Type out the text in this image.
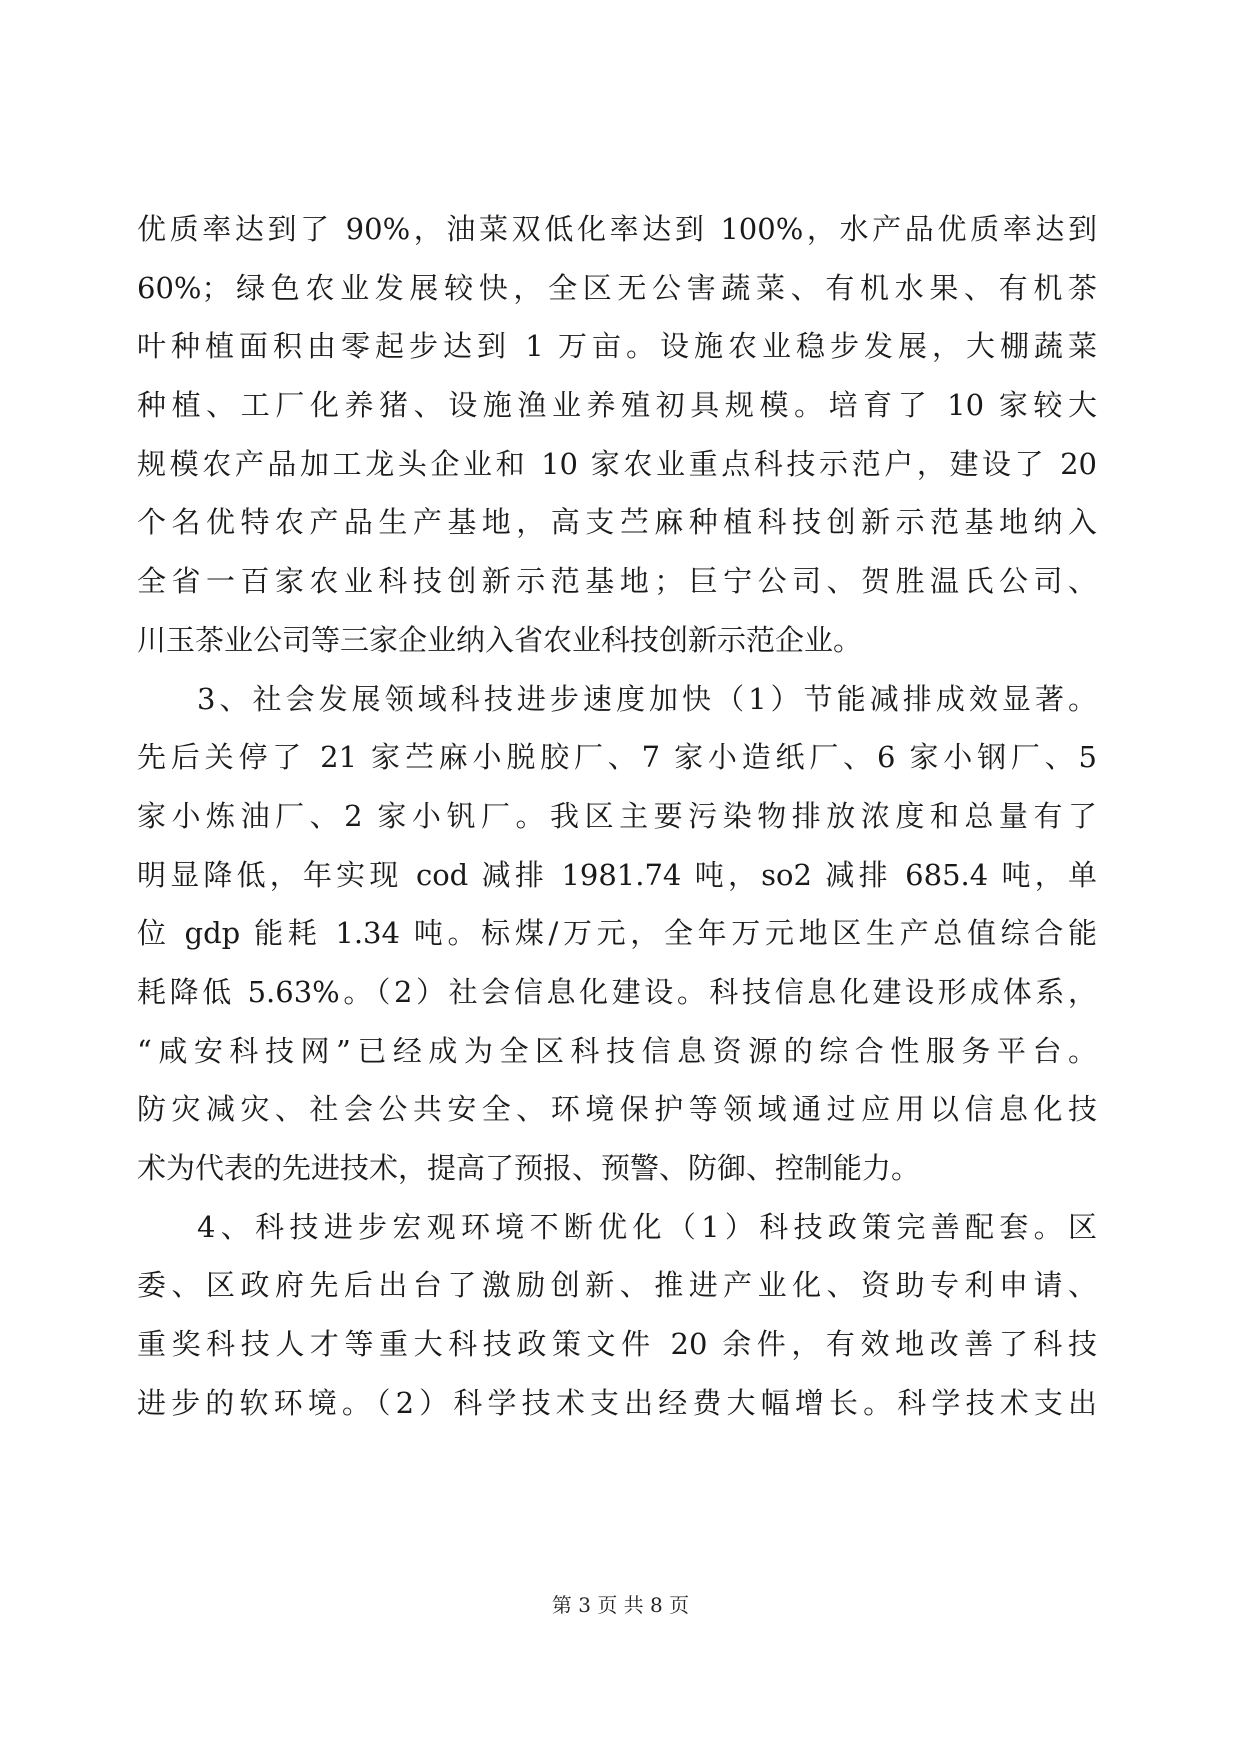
优质率达到了 90%，油菜双低化率达到 100%，水产品优质率达到
60%；绿色农业发展较快，全区无公害蔬菜、有机水果、有机茶
叶种植面积由零起步达到 1 万亩。设施农业稳步发展，大棚蔬菜
种植、工厂化养猪、设施渔业养殖初具规模。培育了 10 家较大
规模农产品加工龙头企业和 10 家农业重点科技示范户，建设了 20
个名优特农产品生产基地，高支苎麻种植科技创新示范基地纳入
全省一百家农业科技创新示范基地；巨宁公司、贺胜温氏公司、
川玉茶业公司等三家企业纳入省农业科技创新示范企业。
3、社会发展领域科技进步速度加快（1）节能减排成效显著。
先后关停了 21 家苎麻小脱胶厂、7 家小造纸厂、6 家小钢厂、5
家小炼油厂、2 家小钒厂。我区主要污染物排放浓度和总量有了
明显降低，年实现 cod 减排 1981.74 吨，so2 减排 685.4 吨，单
位 gdp 能耗 1.34 吨。标煤/万元，全年万元地区生产总值综合能
耗降低 5.63%。（2）社会信息化建设。科技信息化建设形成体系，
“咸安科技网”已经成为全区科技信息资源的综合性服务平台。
防灾减灾、社会公共安全、环境保护等领域通过应用以信息化技
术为代表的先进技术，提高了预报、预警、防御、控制能力。
4、科技进步宏观环境不断优化（1）科技政策完善配套。区
委、区政府先后出台了激励创新、推进产业化、资助专利申请、
重奖科技人才等重大科技政策文件 20 余件，有效地改善了科技
进步的软环境。（2）科学技术支出经费大幅增长。科学技术支出
第 3 页 共 8 页
